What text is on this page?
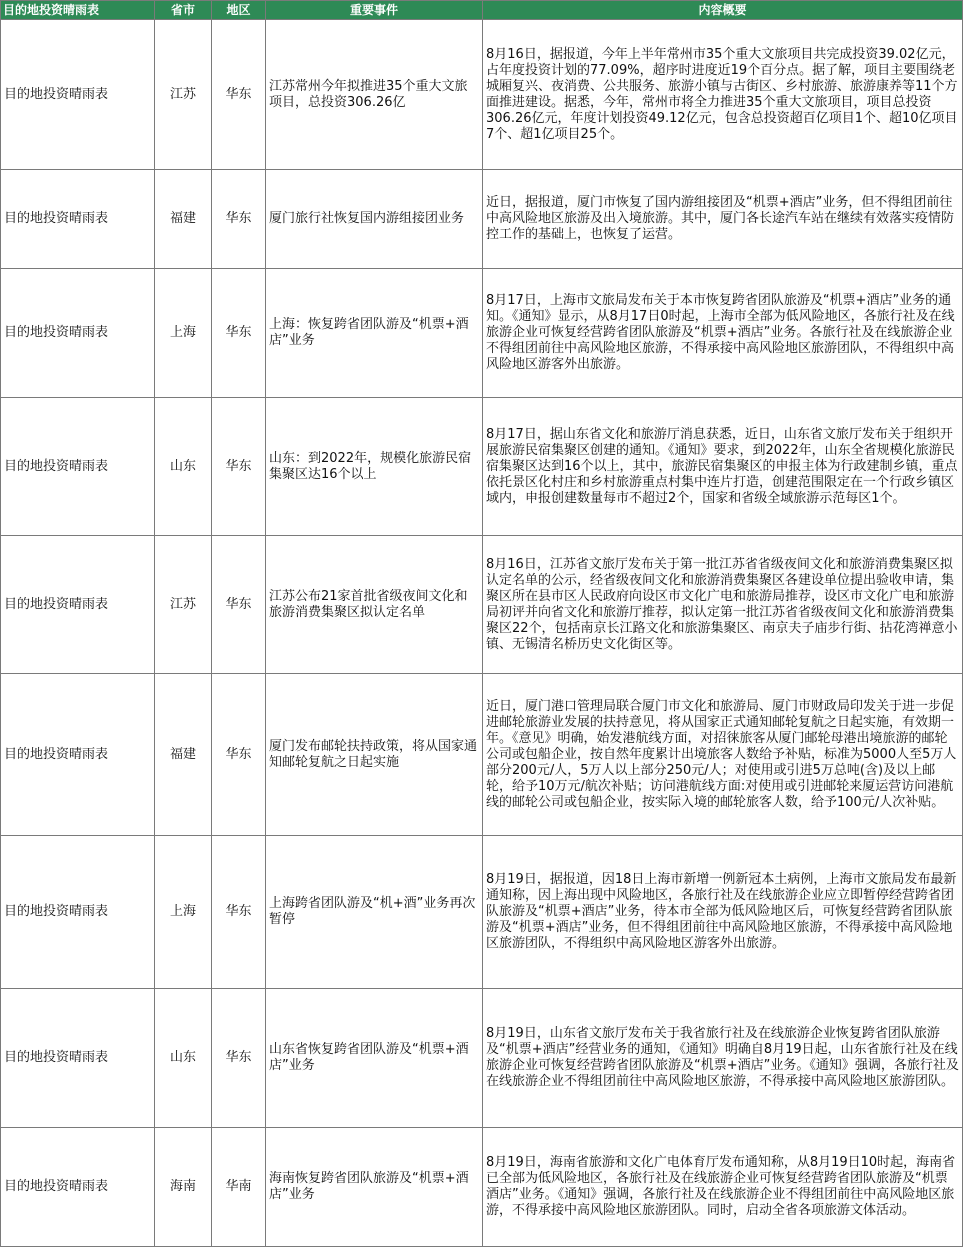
目的地投资晴雨表	省市	地区	重要事件	内容概要
目的地投资晴雨表	江苏	华东	江苏常州今年拟推进35个重大文旅项目，总投资306.26亿	8月16日，据报道，今年上半年常州市35个重大文旅项目共完成投资39.02亿元，占年度投资计划的77.09%，超序时进度近19个百分点。据了解，项目主要围绕老城厢复兴、夜消费、公共服务、旅游小镇与古街区、乡村旅游、旅游康养等11个方面推进建设。据悉，今年，常州市将全力推进35个重大文旅项目，项目总投资306.26亿元，年度计划投资49.12亿元，包含总投资超百亿项目1个、超10亿项目7个、超1亿项目25个。
目的地投资晴雨表	福建	华东	厦门旅行社恢复国内游组接团业务	近日，据报道，厦门市恢复了国内游组接团及“机票+酒店”业务，但不得组团前往中高风险地区旅游及出入境旅游。其中，厦门各长途汽车站在继续有效落实疫情防控工作的基础上，也恢复了运营。
目的地投资晴雨表	上海	华东	上海：恢复跨省团队游及“机票+酒店”业务	8月17日，上海市文旅局发布关于本市恢复跨省团队旅游及“机票+酒店”业务的通知。《通知》显示，从8月17日0时起，上海市全部为低风险地区，各旅行社及在线旅游企业可恢复经营跨省团队旅游及“机票+酒店”业务。各旅行社及在线旅游企业不得组团前往中高风险地区旅游，不得承接中高风险地区旅游团队，不得组织中高风险地区游客外出旅游。
目的地投资晴雨表	山东	华东	山东：到2022年，规模化旅游民宿集聚区达16个以上	8月17日，据山东省文化和旅游厅消息获悉，近日，山东省文旅厅发布关于组织开展旅游民宿集聚区创建的通知。《通知》要求，到2022年，山东全省规模化旅游民宿集聚区达到16个以上，其中，旅游民宿集聚区的申报主体为行政建制乡镇，重点依托景区化村庄和乡村旅游重点村集中连片打造，创建范围限定在一个行政乡镇区域内，申报创建数量每市不超过2个，国家和省级全域旅游示范每区1个。
目的地投资晴雨表	江苏	华东	江苏公布21家首批省级夜间文化和旅游消费集聚区拟认定名单	8月16日，江苏省文旅厅发布关于第一批江苏省省级夜间文化和旅游消费集聚区拟认定名单的公示，经省级夜间文化和旅游消费集聚区各建设单位提出验收申请，集聚区所在县市区人民政府向设区市文化广电和旅游局推荐，设区市文化广电和旅游局初评并向省文化和旅游厅推荐，拟认定第一批江苏省省级夜间文化和旅游消费集聚区22个，包括南京长江路文化和旅游集聚区、南京夫子庙步行街、拈花湾禅意小镇、无锡清名桥历史文化街区等。
目的地投资晴雨表	福建	华东	厦门发布邮轮扶持政策，将从国家通知邮轮复航之日起实施	近日，厦门港口管理局联合厦门市文化和旅游局、厦门市财政局印发关于进一步促进邮轮旅游业发展的扶持意见，将从国家正式通知邮轮复航之日起实施，有效期一年。《意见》明确，始发港航线方面，对招徕旅客从厦门邮轮母港出境旅游的邮轮公司或包船企业，按自然年度累计出境旅客人数给予补贴，标准为5000人至5万人部分200元/人，5万人以上部分250元/人；对使用或引进5万总吨(含)及以上邮轮，给予10万元/航次补贴；访问港航线方面:对使用或引进邮轮来厦运营访问港航线的邮轮公司或包船企业，按实际入境的邮轮旅客人数，给予100元/人次补贴。
目的地投资晴雨表	上海	华东	上海跨省团队游及“机+酒”业务再次暂停	8月19日，据报道，因18日上海市新增一例新冠本土病例，上海市文旅局发布最新通知称，因上海出现中风险地区，各旅行社及在线旅游企业应立即暂停经营跨省团队旅游及“机票+酒店”业务，待本市全部为低风险地区后，可恢复经营跨省团队旅游及“机票+酒店”业务，但不得组团前往中高风险地区旅游，不得承接中高风险地区旅游团队，不得组织中高风险地区游客外出旅游。
目的地投资晴雨表	山东	华东	山东省恢复跨省团队游及“机票+酒店”业务	8月19日，山东省文旅厅发布关于我省旅行社及在线旅游企业恢复跨省团队旅游及“机票+酒店”经营业务的通知，《通知》明确自8月19日起，山东省旅行社及在线旅游企业可恢复经营跨省团队旅游及“机票+酒店”业务。《通知》强调，各旅行社及在线旅游企业不得组团前往中高风险地区旅游，不得承接中高风险地区旅游团队。
目的地投资晴雨表	海南	华南	海南恢复跨省团队旅游及“机票+酒店”业务	8月19日，海南省旅游和文化广电体育厅发布通知称，从8月19日10时起，海南省已全部为低风险地区，各旅行社及在线旅游企业可恢复经营跨省团队旅游及“机票 酒店”业务。《通知》强调，各旅行社及在线旅游企业不得组团前往中高风险地区旅游，不得承接中高风险地区旅游团队。同时，启动全省各项旅游文体活动。
